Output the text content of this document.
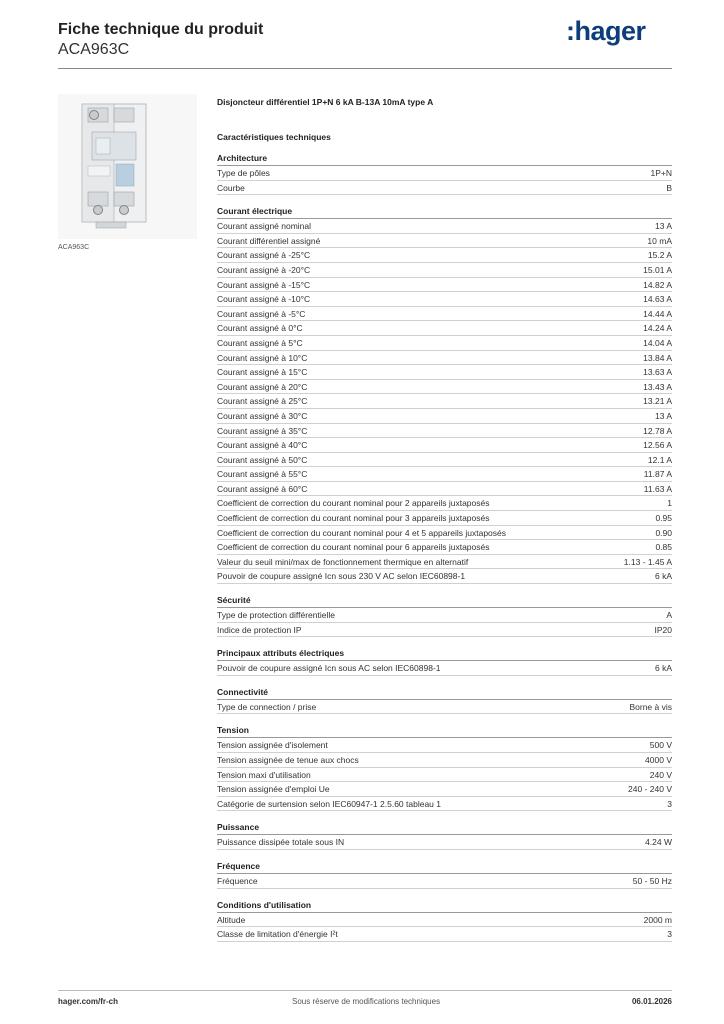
Fiche technique du produit
ACA963C
:hager
ACA963C
Disjoncteur différentiel 1P+N 6 kA B-13A 10mA type A
Caractéristiques techniques
Architecture
Type de pôles	1P+N
Courbe	B
Courant électrique
Courant assigné nominal	13 A
Courant différentiel assigné	10 mA
Courant assigné à -25°C	15.2 A
Courant assigné à -20°C	15.01 A
Courant assigné à -15°C	14.82 A
Courant assigné à -10°C	14.63 A
Courant assigné à -5°C	14.44 A
Courant assigné à 0°C	14.24 A
Courant assigné à 5°C	14.04 A
Courant assigné à 10°C	13.84 A
Courant assigné à 15°C	13.63 A
Courant assigné à 20°C	13.43 A
Courant assigné à 25°C	13.21 A
Courant assigné à 30°C	13 A
Courant assigné à 35°C	12.78 A
Courant assigné à 40°C	12.56 A
Courant assigné à 50°C	12.1 A
Courant assigné à 55°C	11.87 A
Courant assigné à 60°C	11.63 A
Coefficient de correction du courant nominal pour 2 appareils juxtaposés	1
Coefficient de correction du courant nominal pour 3 appareils juxtaposés	0.95
Coefficient de correction du courant nominal pour 4 et 5 appareils juxtaposés	0.90
Coefficient de correction du courant nominal pour 6 appareils juxtaposés	0.85
Valeur du seuil mini/max de fonctionnement thermique en alternatif	1.13 - 1.45 A
Pouvoir de coupure assigné Icn sous 230 V AC selon IEC60898-1	6 kA
Sécurité
Type de protection différentielle	A
Indice de protection IP	IP20
Principaux attributs électriques
Pouvoir de coupure assigné Icn sous AC selon IEC60898-1	6 kA
Connectivité
Type de connection / prise	Borne à vis
Tension
Tension assignée d'isolement	500 V
Tension assignée de tenue aux chocs	4000 V
Tension maxi d'utilisation	240 V
Tension assignée d'emploi Ue	240 - 240 V
Catégorie de surtension selon IEC60947-1 2.5.60 tableau 1	3
Puissance
Puissance dissipée totale sous IN	4.24 W
Fréquence
Fréquence	50 - 50 Hz
Conditions d'utilisation
Altitude	2000 m
Classe de limitation d'énergie I²t	3
hager.com/fr-ch	Sous réserve de modifications techniques	06.01.2026
